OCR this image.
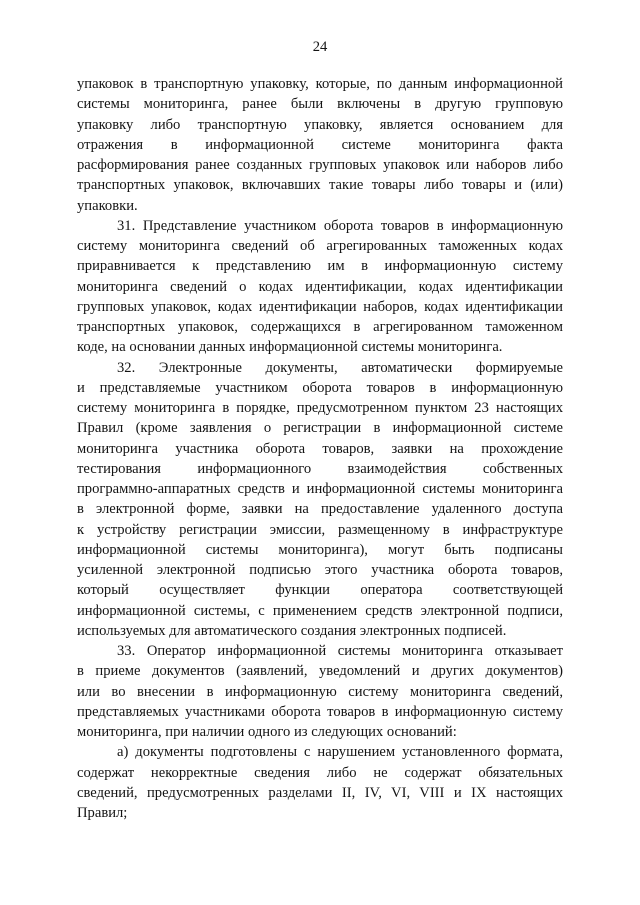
24
упаковок в транспортную упаковку, которые, по данным информационной
системы мониторинга, ранее были включены в другую групповую
упаковку либо транспортную упаковку, является основанием для
отражения в информационной системе мониторинга факта
расформирования ранее созданных групповых упаковок или наборов либо
транспортных упаковок, включавших такие товары либо товары и (или)
упаковки.
31. Представление участником оборота товаров в информационную
систему мониторинга сведений об агрегированных таможенных кодах
приравнивается к представлению им в информационную систему
мониторинга сведений о кодах идентификации, кодах идентификации
групповых упаковок, кодах идентификации наборов, кодах идентификации
транспортных упаковок, содержащихся в агрегированном таможенном
коде, на основании данных информационной системы мониторинга.
32. Электронные документы, автоматически формируемые
и представляемые участником оборота товаров в информационную
систему мониторинга в порядке, предусмотренном пунктом 23 настоящих
Правил (кроме заявления о регистрации в информационной системе
мониторинга участника оборота товаров, заявки на прохождение
тестирования информационного взаимодействия собственных
программно-аппаратных средств и информационной системы мониторинга
в электронной форме, заявки на предоставление удаленного доступа
к устройству регистрации эмиссии, размещенному в инфраструктуре
информационной системы мониторинга), могут быть подписаны
усиленной электронной подписью этого участника оборота товаров,
который осуществляет функции оператора соответствующей
информационной системы, с применением средств электронной подписи,
используемых для автоматического создания электронных подписей.
33. Оператор информационной системы мониторинга отказывает
в приеме документов (заявлений, уведомлений и других документов)
или во внесении в информационную систему мониторинга сведений,
представляемых участниками оборота товаров в информационную систему
мониторинга, при наличии одного из следующих оснований:
а) документы подготовлены с нарушением установленного формата,
содержат некорректные сведения либо не содержат обязательных
сведений, предусмотренных разделами II, IV, VI, VIII и IX настоящих
Правил;
